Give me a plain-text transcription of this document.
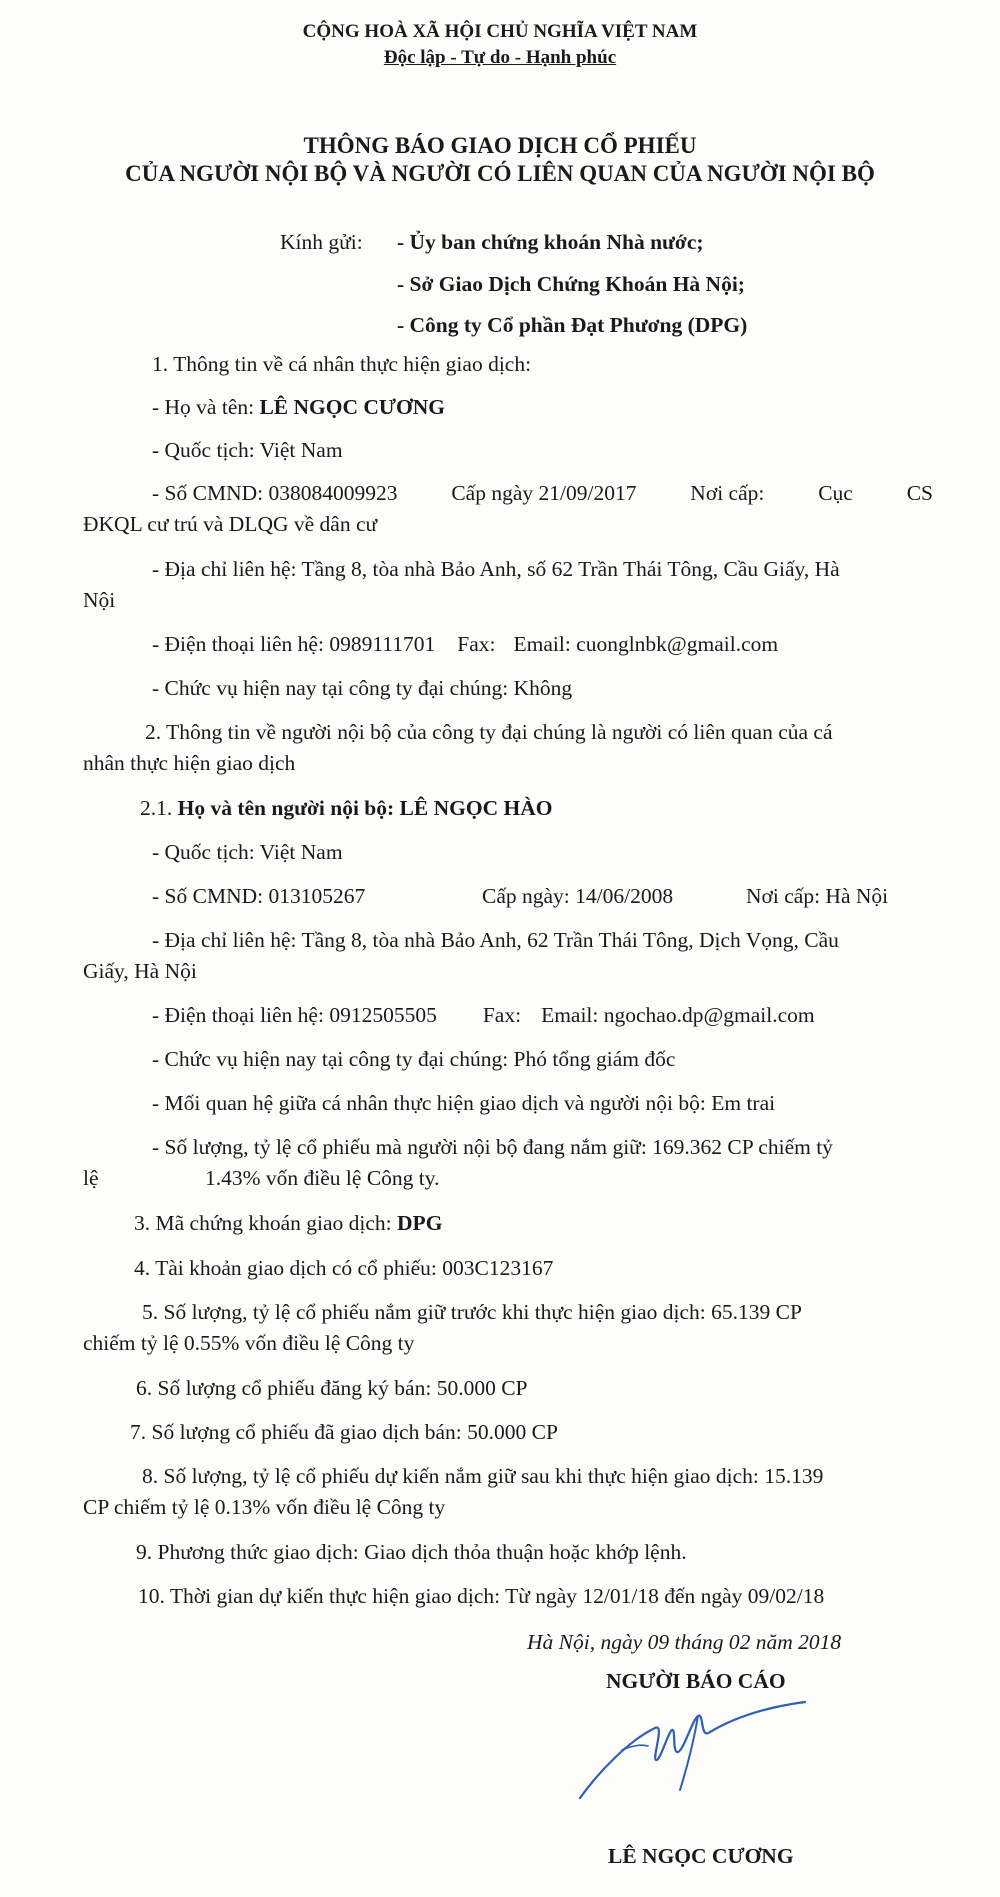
CỘNG HOÀ XÃ HỘI CHỦ NGHĨA VIỆT NAM
Độc lập - Tự do - Hạnh phúc
THÔNG BÁO GIAO DỊCH CỔ PHIẾU
CỦA NGƯỜI NỘI BỘ VÀ NGƯỜI CÓ LIÊN QUAN CỦA NGƯỜI NỘI BỘ
Kính gửi: - Ủy ban chứng khoán Nhà nước;
- Sở Giao Dịch Chứng Khoán Hà Nội;
- Công ty Cổ phần Đạt Phương (DPG)
1. Thông tin về cá nhân thực hiện giao dịch:
- Họ và tên: LÊ NGỌC CƯƠNG
- Quốc tịch: Việt Nam
- Số CMND: 038084009923	Cấp ngày 21/09/2017	Nơi cấp:	Cục	CS
ĐKQL cư trú và DLQG về dân cư
- Địa chỉ liên hệ: Tầng 8, tòa nhà Bảo Anh, số 62 Trần Thái Tông, Cầu Giấy, Hà
Nội
- Điện thoại liên hệ: 0989111701 Fax: Email: cuonglnbk@gmail.com
- Chức vụ hiện nay tại công ty đại chúng: Không
2. Thông tin về người nội bộ của công ty đại chúng là người có liên quan của cá
nhân thực hiện giao dịch
2.1. Họ và tên người nội bộ: LÊ NGỌC HÀO
- Quốc tịch: Việt Nam
- Số CMND: 013105267	Cấp ngày: 14/06/2008	Nơi cấp: Hà Nội
- Địa chỉ liên hệ: Tầng 8, tòa nhà Bảo Anh, 62 Trần Thái Tông, Dịch Vọng, Cầu
Giấy, Hà Nội
- Điện thoại liên hệ: 0912505505 Fax: Email: ngochao.dp@gmail.com
- Chức vụ hiện nay tại công ty đại chúng: Phó tổng giám đốc
- Mối quan hệ giữa cá nhân thực hiện giao dịch và người nội bộ: Em trai
- Số lượng, tỷ lệ cổ phiếu mà người nội bộ đang nắm giữ: 169.362 CP chiếm tỷ
lệ	1.43% vốn điều lệ Công ty.
3. Mã chứng khoán giao dịch: DPG
4. Tài khoản giao dịch có cổ phiếu: 003C123167
5. Số lượng, tỷ lệ cổ phiếu nắm giữ trước khi thực hiện giao dịch: 65.139 CP
chiếm tỷ lệ 0.55% vốn điều lệ Công ty
6. Số lượng cổ phiếu đăng ký bán: 50.000 CP
7. Số lượng cổ phiếu đã giao dịch bán: 50.000 CP
8. Số lượng, tỷ lệ cổ phiếu dự kiến nắm giữ sau khi thực hiện giao dịch: 15.139
CP chiếm tỷ lệ 0.13% vốn điều lệ Công ty
9. Phương thức giao dịch: Giao dịch thỏa thuận hoặc khớp lệnh.
10. Thời gian dự kiến thực hiện giao dịch: Từ ngày 12/01/18 đến ngày 09/02/18
Hà Nội, ngày 09 tháng 02 năm 2018
NGƯỜI BÁO CÁO
LÊ NGỌC CƯƠNG
